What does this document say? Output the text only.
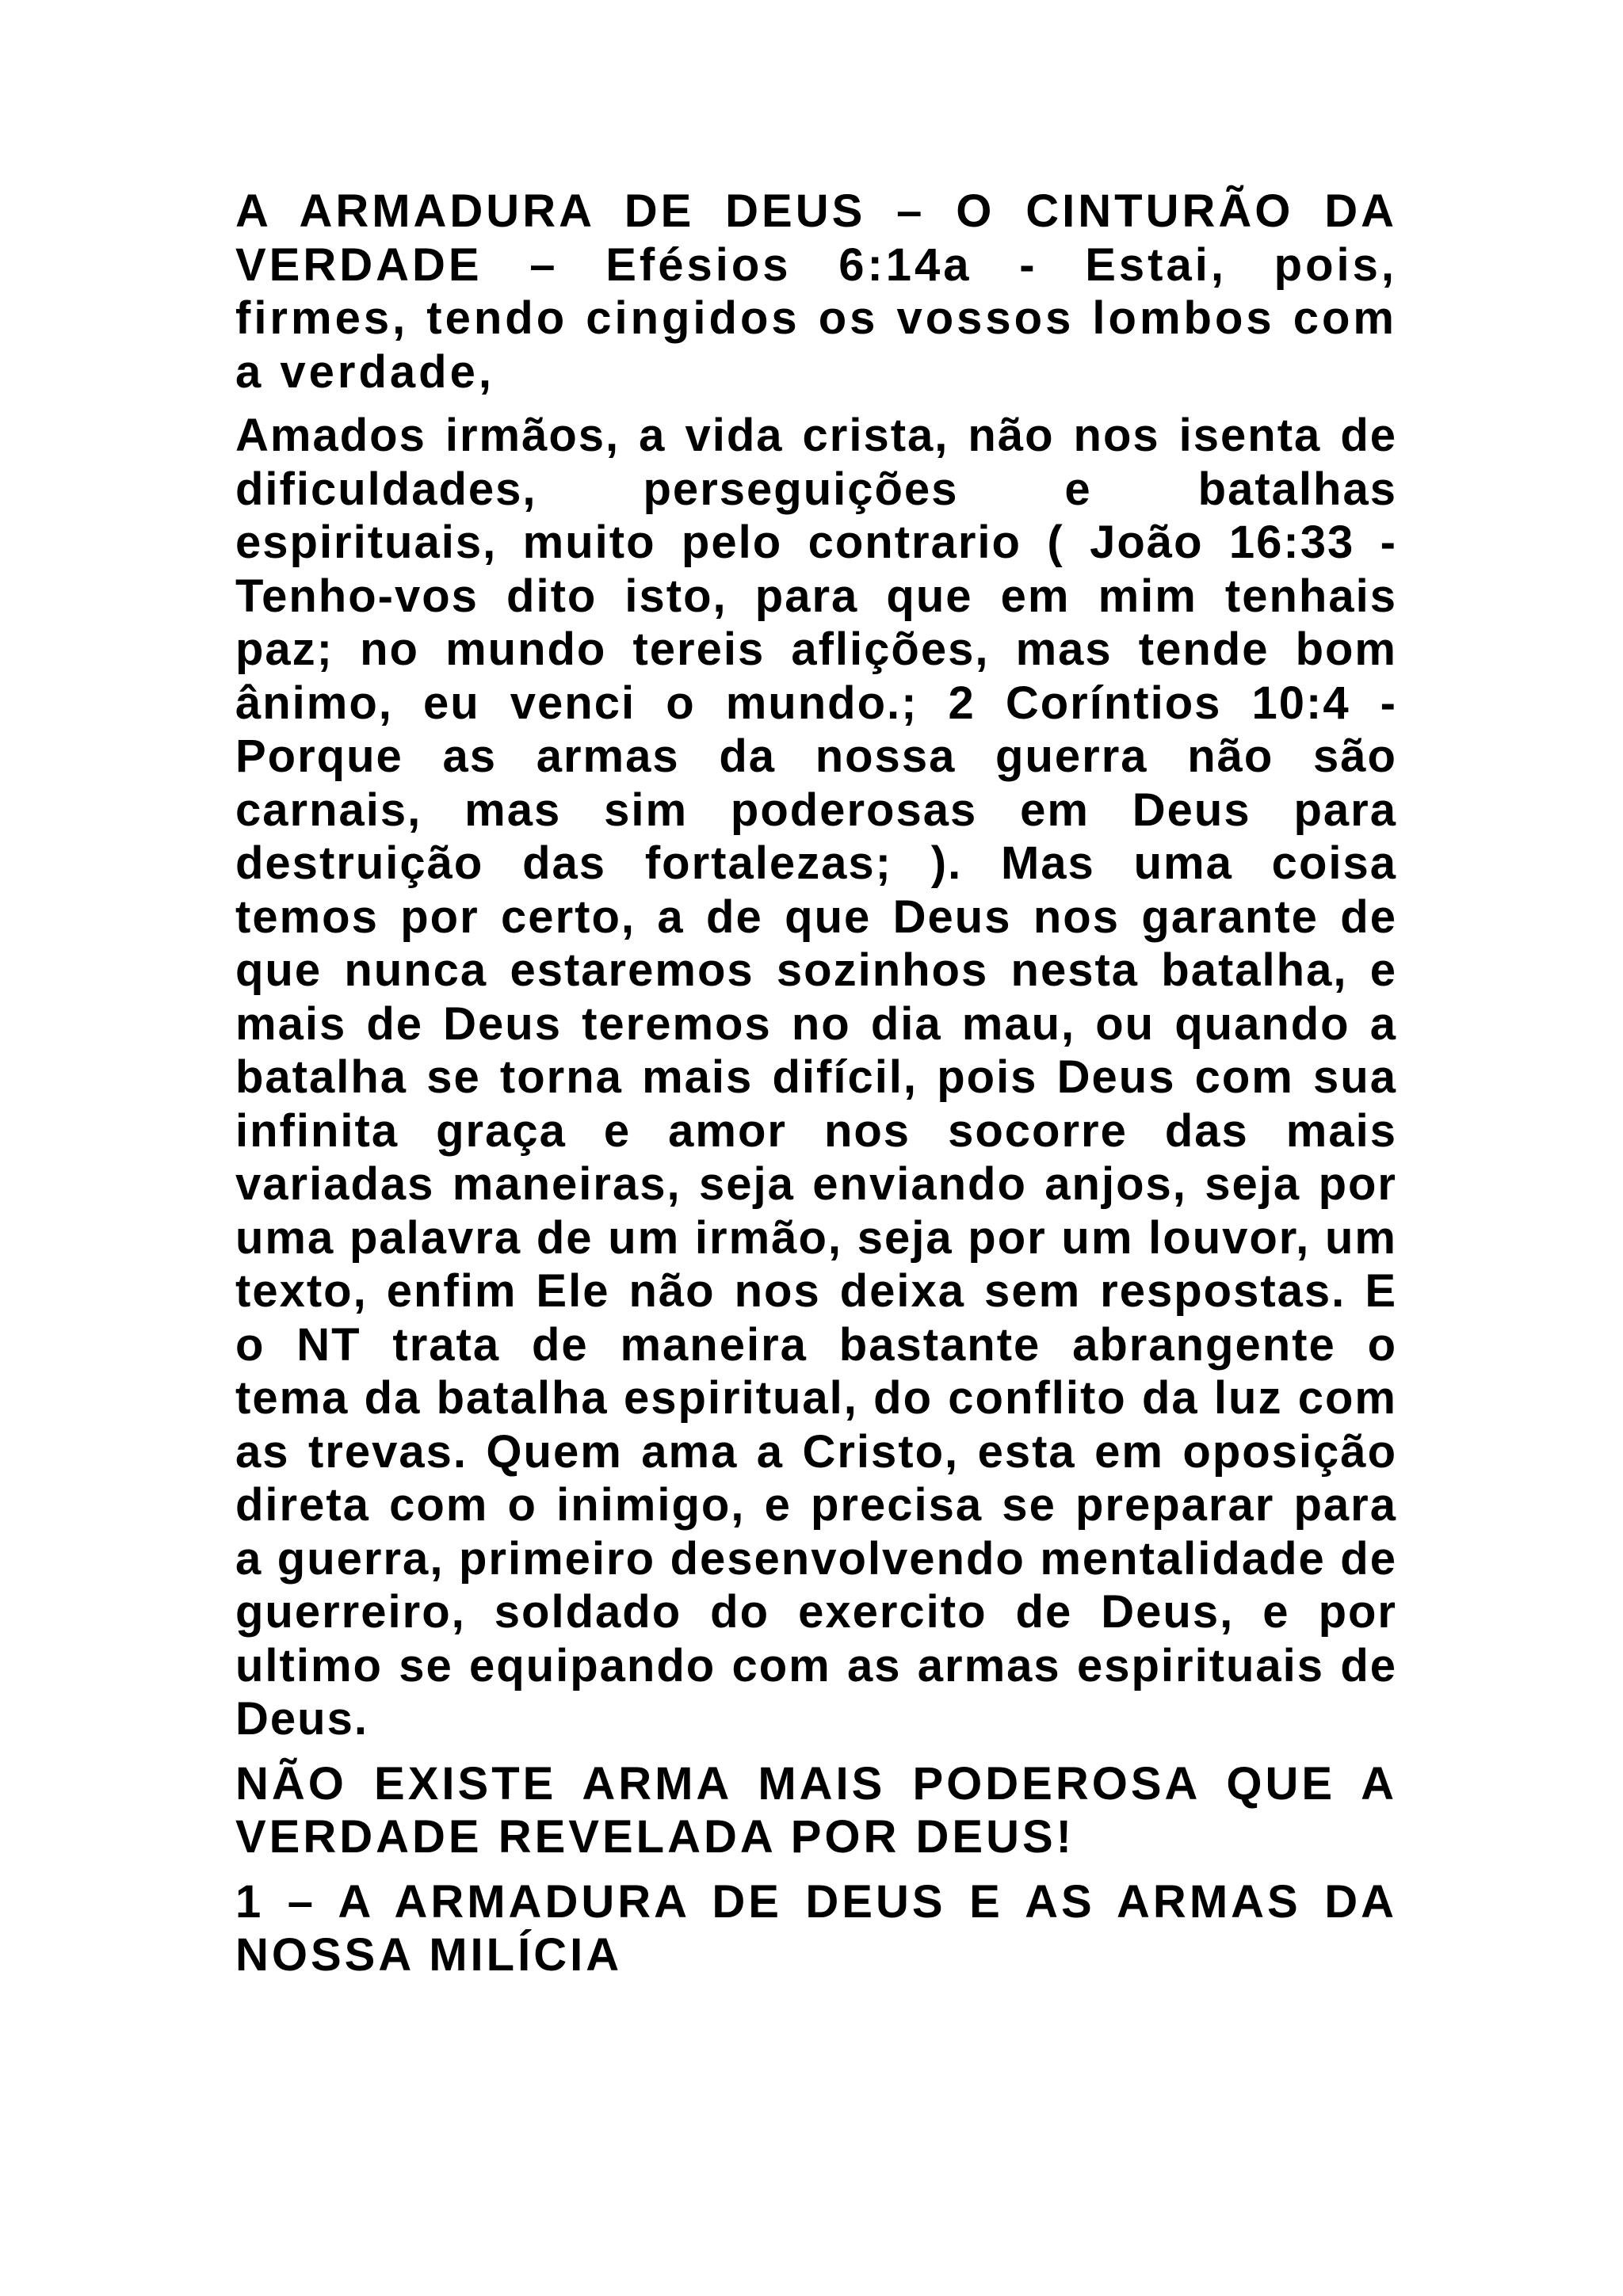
A ARMADURA DE DEUS – O CINTURÃO DA VERDADE – Efésios 6:14a - Estai, pois, firmes, tendo cingidos os vossos lombos com a verdade,

Amados irmãos, a vida crista, não nos isenta de dificuldades, perseguições e batalhas espirituais, muito pelo contrario ( João 16:33 - Tenho-vos dito isto, para que em mim tenhais paz; no mundo tereis aflições, mas tende bom ânimo, eu venci o mundo.; 2 Coríntios 10:4 - Porque as armas da nossa guerra não são carnais, mas sim poderosas em Deus para destruição das fortalezas; ). Mas uma coisa temos por certo, a de que Deus nos garante de que nunca estaremos sozinhos nesta batalha, e mais de Deus teremos no dia mau, ou quando a batalha se torna mais difícil, pois Deus com sua infinita graça e amor nos socorre das mais variadas maneiras, seja enviando anjos, seja por uma palavra de um irmão, seja por um louvor, um texto, enfim Ele não nos deixa sem respostas. E o NT trata de maneira bastante abrangente o tema da batalha espiritual, do conflito da luz com as trevas. Quem ama a Cristo, esta em oposição direta com o inimigo, e precisa se preparar para a guerra, primeiro desenvolvendo mentalidade de guerreiro, soldado do exercito de Deus, e por ultimo se equipando com as armas espirituais de Deus.

NÃO EXISTE ARMA MAIS PODEROSA QUE A VERDADE REVELADA POR DEUS!

1 – A ARMADURA DE DEUS E AS ARMAS DA NOSSA MILÍCIA
